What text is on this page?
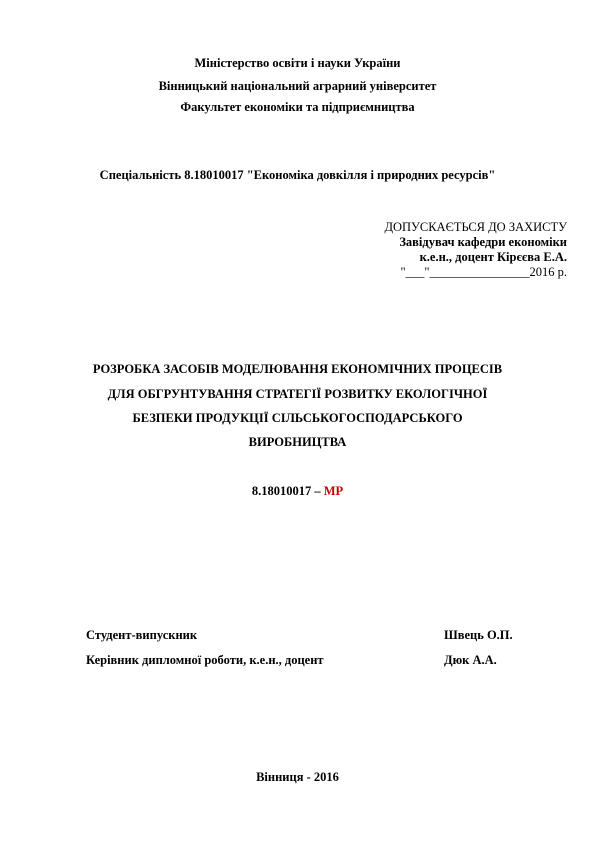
Міністерство освіти і науки України
Вінницький національний аграрний університет
Факультет економіки та підприємництва
Спеціальність 8.18010017 "Економіка довкілля і природних ресурсів"
ДОПУСКАЄТЬСЯ ДО ЗАХИСТУ
Завідувач кафедри економіки
к.е.н., доцент Кірєєва Е.А.
"___"________________2016 р.
РОЗРОБКА ЗАСОБІВ МОДЕЛЮВАННЯ ЕКОНОМІЧНИХ ПРОЦЕСІВ
ДЛЯ ОБГРУНТУВАННЯ СТРАТЕГІЇ РОЗВИТКУ ЕКОЛОГІЧНОЇ
БЕЗПЕКИ ПРОДУКЦІЇ СІЛЬСЬКОГОСПОДАРСЬКОГО
ВИРОБНИЦТВА
8.18010017 – МР
Студент-випускник	Швець О.П.
Керівник дипломної роботи, к.е.н., доцент	Дюк А.А.
Вінниця - 2016
